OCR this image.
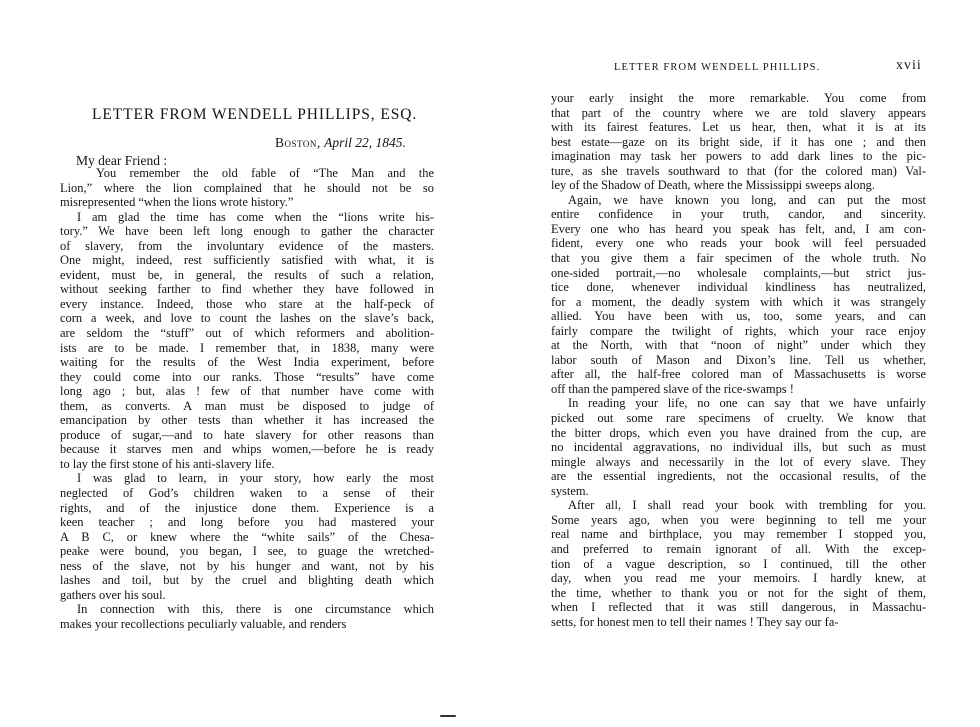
LETTER FROM WENDELL PHILLIPS, ESQ.
Boston, April 22, 1845.
My dear Friend :
You remember the old fable of “The Man and the
Lion,” where the lion complained that he should not be so
misrepresented “when the lions wrote history.”
I am glad the time has come when the “lions write his-
tory.” We have been left long enough to gather the character
of slavery, from the involuntary evidence of the masters.
One might, indeed, rest sufficiently satisfied with what, it is
evident, must be, in general, the results of such a relation,
without seeking farther to find whether they have followed in
every instance. Indeed, those who stare at the half-peck of
corn a week, and love to count the lashes on the slave’s back,
are seldom the “stuff” out of which reformers and abolition-
ists are to be made. I remember that, in 1838, many were
waiting for the results of the West India experiment, before
they could come into our ranks. Those “results” have come
long ago ; but, alas ! few of that number have come with
them, as converts. A man must be disposed to judge of
emancipation by other tests than whether it has increased the
produce of sugar,—and to hate slavery for other reasons than
because it starves men and whips women,—before he is ready
to lay the first stone of his anti-slavery life.
I was glad to learn, in your story, how early the most
neglected of God’s children waken to a sense of their
rights, and of the injustice done them. Experience is a
keen teacher ; and long before you had mastered your
A B C, or knew where the “white sails” of the Chesa-
peake were bound, you began, I see, to guage the wretched-
ness of the slave, not by his hunger and want, not by his
lashes and toil, but by the cruel and blighting death which
gathers over his soul.
In connection with this, there is one circumstance which
makes your recollections peculiarly valuable, and renders
LETTER FROM WENDELL PHILLIPS.	xvii
your early insight the more remarkable. You come from
that part of the country where we are told slavery appears
with its fairest features. Let us hear, then, what it is at its
best estate—gaze on its bright side, if it has one ; and then
imagination may task her powers to add dark lines to the pic-
ture, as she travels southward to that (for the colored man) Val-
ley of the Shadow of Death, where the Mississippi sweeps along.
Again, we have known you long, and can put the most
entire confidence in your truth, candor, and sincerity.
Every one who has heard you speak has felt, and, I am con-
fident, every one who reads your book will feel persuaded
that you give them a fair specimen of the whole truth. No
one-sided portrait,—no wholesale complaints,—but strict jus-
tice done, whenever individual kindliness has neutralized,
for a moment, the deadly system with which it was strangely
allied. You have been with us, too, some years, and can
fairly compare the twilight of rights, which your race enjoy
at the North, with that “noon of night” under which they
labor south of Mason and Dixon’s line. Tell us whether,
after all, the half-free colored man of Massachusetts is worse
off than the pampered slave of the rice-swamps !
In reading your life, no one can say that we have unfairly
picked out some rare specimens of cruelty. We know that
the bitter drops, which even you have drained from the cup, are
no incidental aggravations, no individual ills, but such as must
mingle always and necessarily in the lot of every slave. They
are the essential ingredients, not the occasional results, of the
system.
After all, I shall read your book with trembling for you.
Some years ago, when you were beginning to tell me your
real name and birthplace, you may remember I stopped you,
and preferred to remain ignorant of all. With the excep-
tion of a vague description, so I continued, till the other
day, when you read me your memoirs. I hardly knew, at
the time, whether to thank you or not for the sight of them,
when I reflected that it was still dangerous, in Massachu-
setts, for honest men to tell their names ! They say our fa-
